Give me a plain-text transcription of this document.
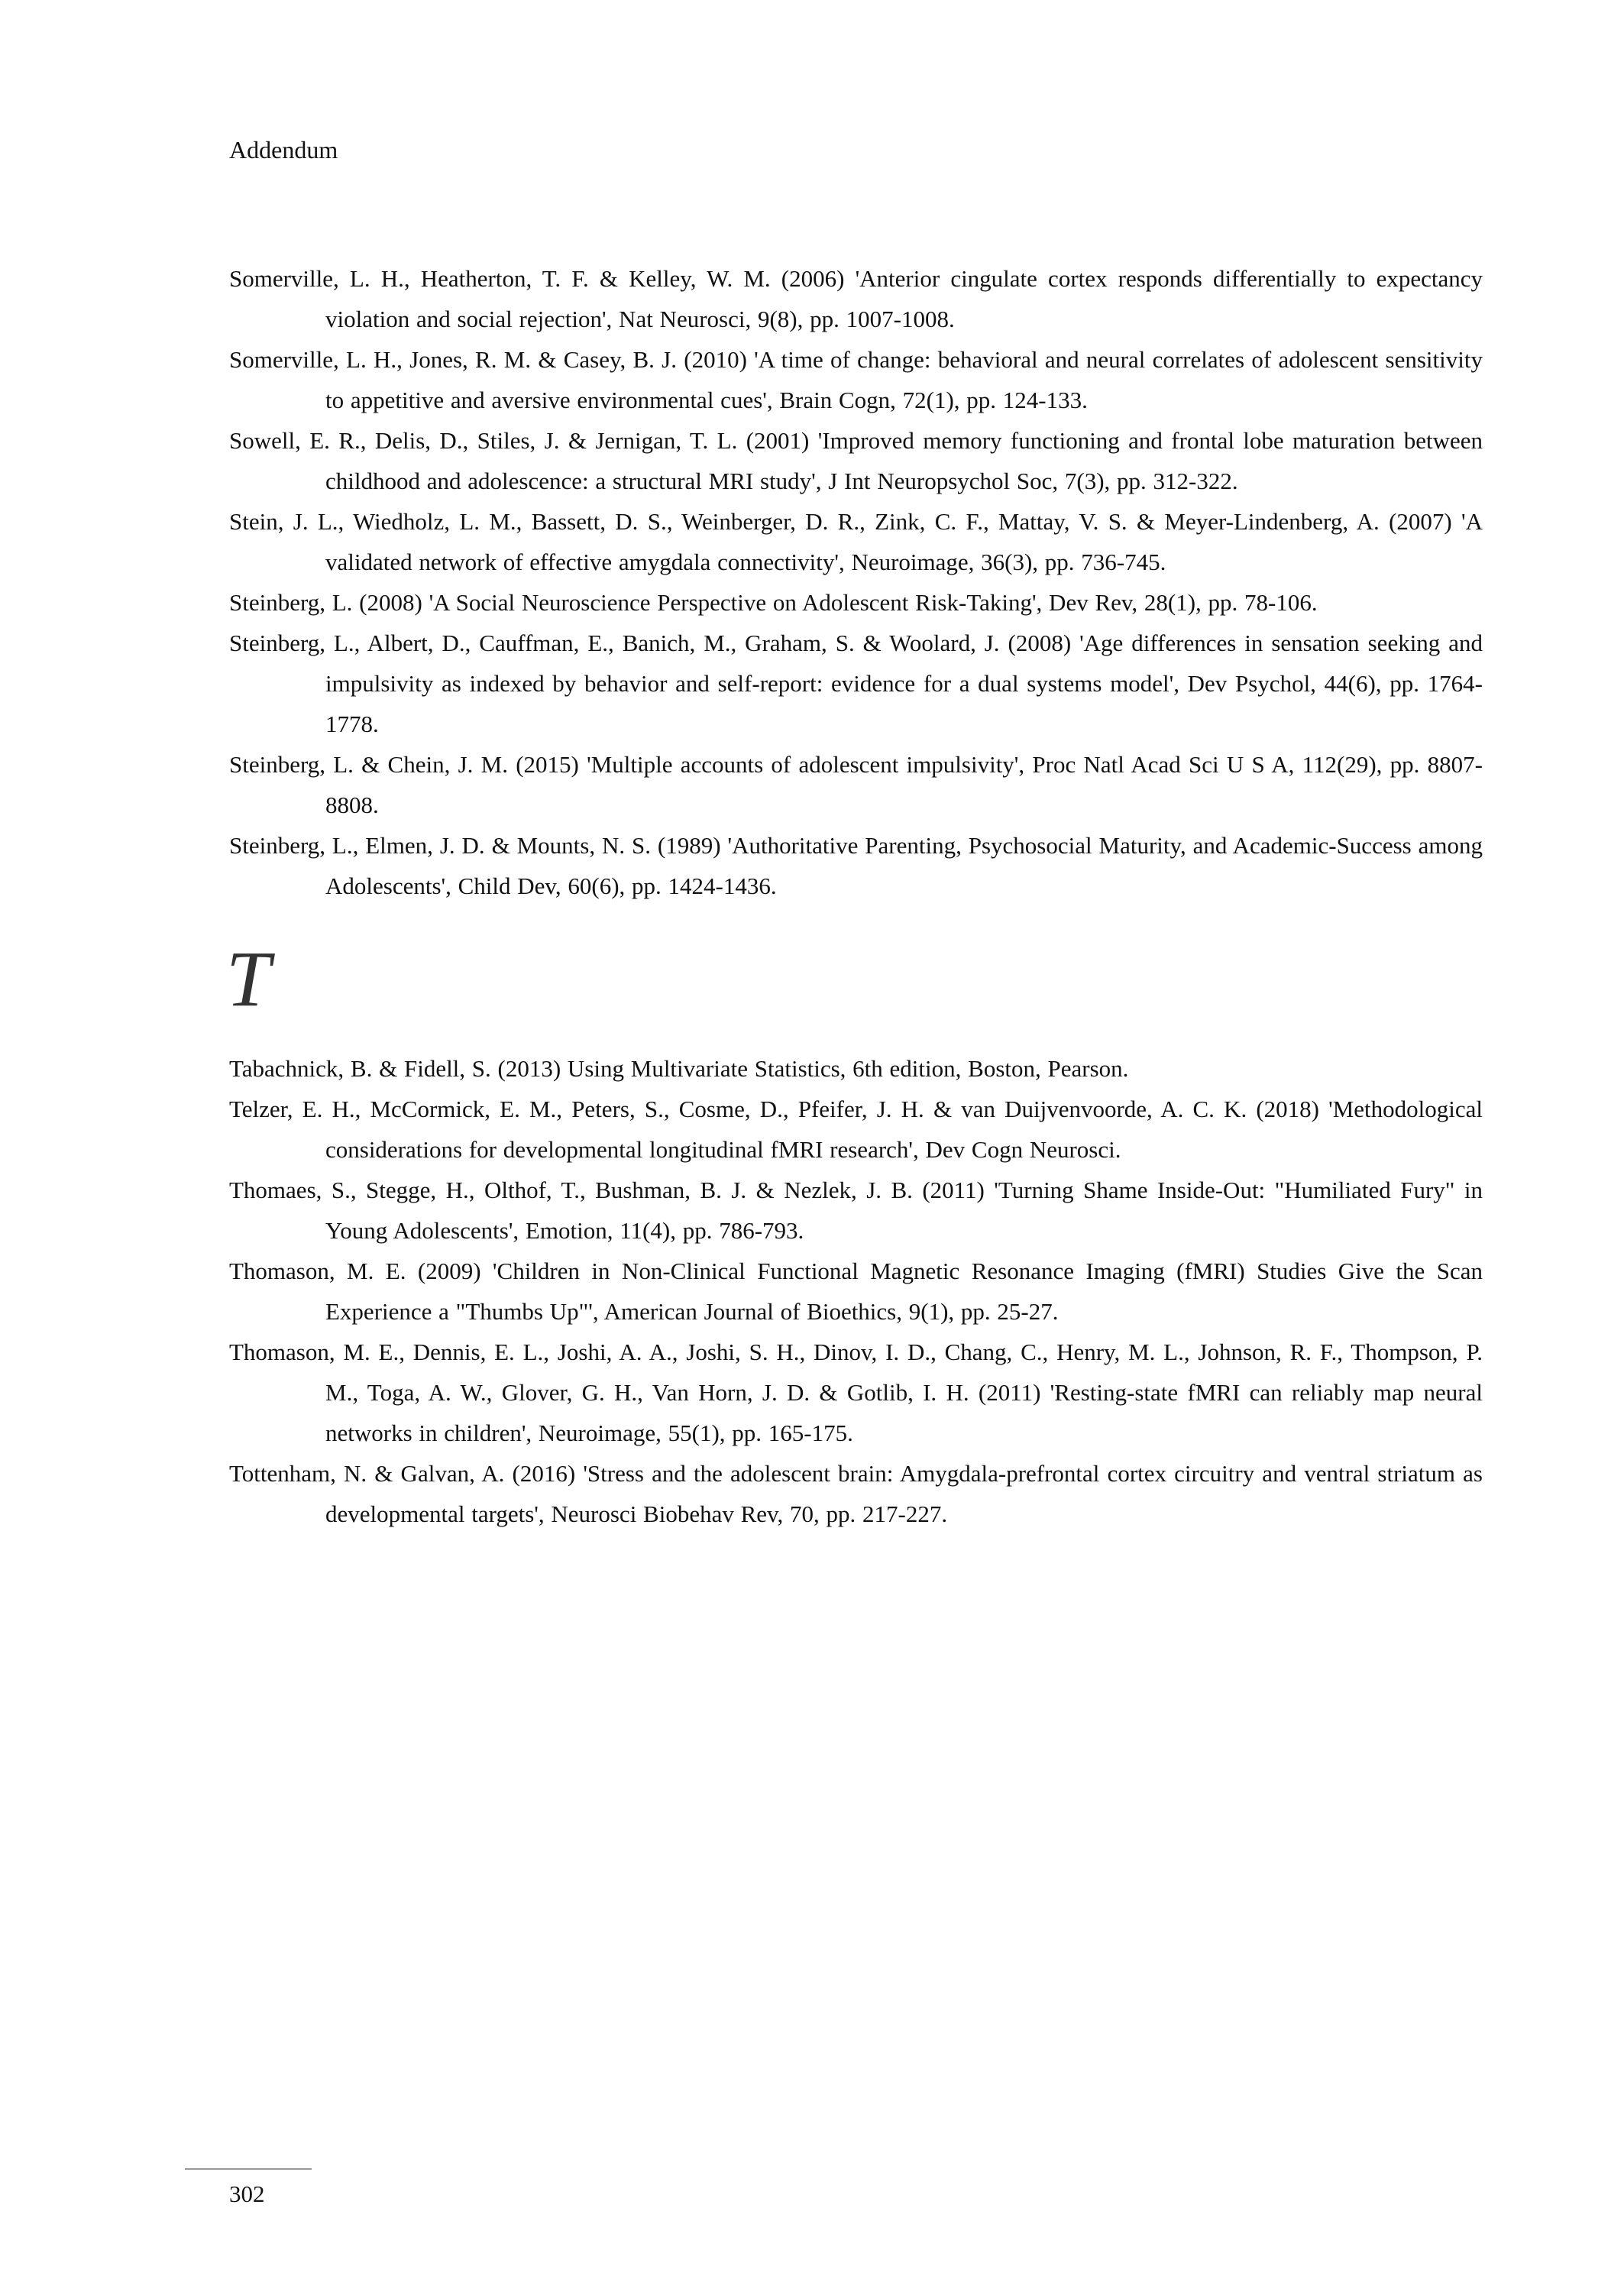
Addendum

Somerville, L. H., Heatherton, T. F. & Kelley, W. M. (2006) 'Anterior cingulate cortex responds differentially to expectancy violation and social rejection', Nat Neurosci, 9(8), pp. 1007-1008.

Somerville, L. H., Jones, R. M. & Casey, B. J. (2010) 'A time of change: behavioral and neural correlates of adolescent sensitivity to appetitive and aversive environmental cues', Brain Cogn, 72(1), pp. 124-133.

Sowell, E. R., Delis, D., Stiles, J. & Jernigan, T. L. (2001) 'Improved memory functioning and frontal lobe maturation between childhood and adolescence: a structural MRI study', J Int Neuropsychol Soc, 7(3), pp. 312-322.

Stein, J. L., Wiedholz, L. M., Bassett, D. S., Weinberger, D. R., Zink, C. F., Mattay, V. S. & Meyer-Lindenberg, A. (2007) 'A validated network of effective amygdala connectivity', Neuroimage, 36(3), pp. 736-745.

Steinberg, L. (2008) 'A Social Neuroscience Perspective on Adolescent Risk-Taking', Dev Rev, 28(1), pp. 78-106.

Steinberg, L., Albert, D., Cauffman, E., Banich, M., Graham, S. & Woolard, J. (2008) 'Age differences in sensation seeking and impulsivity as indexed by behavior and self-report: evidence for a dual systems model', Dev Psychol, 44(6), pp. 1764-1778.

Steinberg, L. & Chein, J. M. (2015) 'Multiple accounts of adolescent impulsivity', Proc Natl Acad Sci U S A, 112(29), pp. 8807-8808.

Steinberg, L., Elmen, J. D. & Mounts, N. S. (1989) 'Authoritative Parenting, Psychosocial Maturity, and Academic-Success among Adolescents', Child Dev, 60(6), pp. 1424-1436.

T

Tabachnick, B. & Fidell, S. (2013) Using Multivariate Statistics, 6th edition, Boston, Pearson.

Telzer, E. H., McCormick, E. M., Peters, S., Cosme, D., Pfeifer, J. H. & van Duijvenvoorde, A. C. K. (2018) 'Methodological considerations for developmental longitudinal fMRI research', Dev Cogn Neurosci.

Thomaes, S., Stegge, H., Olthof, T., Bushman, B. J. & Nezlek, J. B. (2011) 'Turning Shame Inside-Out: "Humiliated Fury" in Young Adolescents', Emotion, 11(4), pp. 786-793.

Thomason, M. E. (2009) 'Children in Non-Clinical Functional Magnetic Resonance Imaging (fMRI) Studies Give the Scan Experience a "Thumbs Up"', American Journal of Bioethics, 9(1), pp. 25-27.

Thomason, M. E., Dennis, E. L., Joshi, A. A., Joshi, S. H., Dinov, I. D., Chang, C., Henry, M. L., Johnson, R. F., Thompson, P. M., Toga, A. W., Glover, G. H., Van Horn, J. D. & Gotlib, I. H. (2011) 'Resting-state fMRI can reliably map neural networks in children', Neuroimage, 55(1), pp. 165-175.

Tottenham, N. & Galvan, A. (2016) 'Stress and the adolescent brain: Amygdala-prefrontal cortex circuitry and ventral striatum as developmental targets', Neurosci Biobehav Rev, 70, pp. 217-227.

302
